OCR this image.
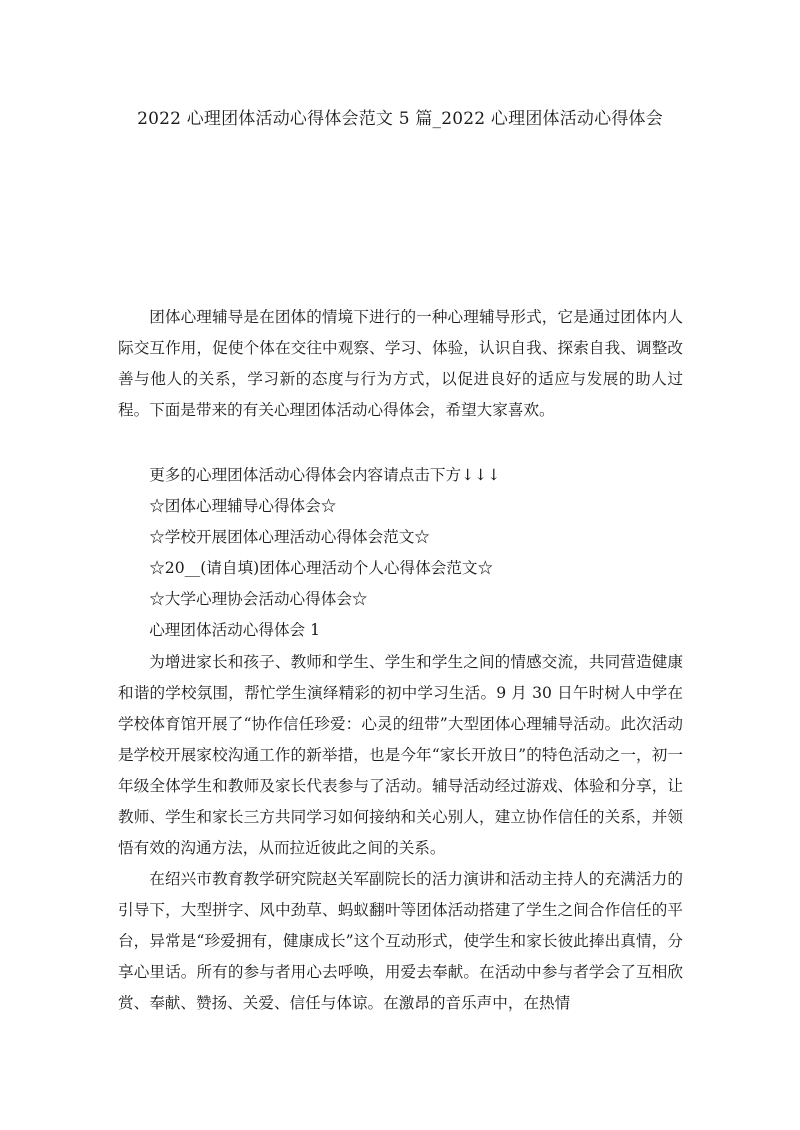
2022 心理团体活动心得体会范文 5 篇_2022 心理团体活动心得体会

团体心理辅导是在团体的情境下进行的一种心理辅导形式，它是通过团体内人际交互作用，促使个体在交往中观察、学习、体验，认识自我、探索自我、调整改善与他人的关系，学习新的态度与行为方式，以促进良好的适应与发展的助人过程。下面是带来的有关心理团体活动心得体会，希望大家喜欢。

更多的心理团体活动心得体会内容请点击下方↓↓↓

☆团体心理辅导心得体会☆

☆学校开展团体心理活动心得体会范文☆

☆20__(请自填)团体心理活动个人心得体会范文☆

☆大学心理协会活动心得体会☆

心理团体活动心得体会 1

为增进家长和孩子、教师和学生、学生和学生之间的情感交流，共同营造健康和谐的学校氛围，帮忙学生演绎精彩的初中学习生活。9 月 30 日午时树人中学在学校体育馆开展了“协作信任珍爱：心灵的纽带”大型团体心理辅导活动。此次活动是学校开展家校沟通工作的新举措，也是今年“家长开放日”的特色活动之一，初一年级全体学生和教师及家长代表参与了活动。辅导活动经过游戏、体验和分享，让教师、学生和家长三方共同学习如何接纳和关心别人，建立协作信任的关系，并领悟有效的沟通方法，从而拉近彼此之间的关系。

在绍兴市教育教学研究院赵关军副院长的活力演讲和活动主持人的充满活力的引导下，大型拼字、风中劲草、蚂蚁翻叶等团体活动搭建了学生之间合作信任的平台，异常是“珍爱拥有，健康成长”这个互动形式，使学生和家长彼此捧出真情，分享心里话。所有的参与者用心去呼唤，用爱去奉献。在活动中参与者学会了互相欣赏、奉献、赞扬、关爱、信任与体谅。在激昂的音乐声中，在热情
